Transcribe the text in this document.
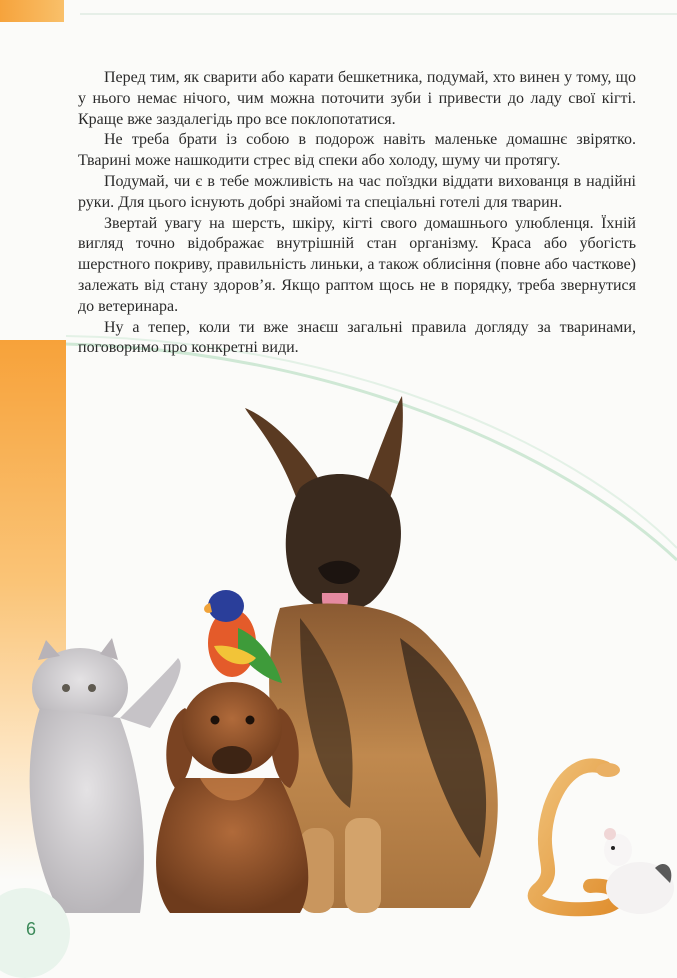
Перед тим, як сварити або карати бешкетника, подумай, хто винен у тому, що у нього немає нічого, чим можна поточити зуби і привести до ладу свої кігті. Краще вже заздалегідь про все поклопотатися.

Не треба брати із собою в подорож навіть маленьке домашнє звірятко. Тварині може нашкодити стрес від спеки або холоду, шуму чи протягу.

Подумай, чи є в тебе можливість на час поїздки віддати вихованця в надійні руки. Для цього існують добрі знайомі та спеціальні готелі для тварин.

Звертай увагу на шерсть, шкіру, кігті свого домашнього улюбленця. Їхній вигляд точно відображає внутрішній стан організму. Краса або убогість шерстного покриву, правильність линьки, а також облисіння (повне або часткове) залежать від стану здоров’я. Якщо раптом щось не в порядку, треба звернутися до ветеринара.

Ну а тепер, коли ти вже знаєш загальні правила догляду за тваринами, поговоримо про конкретні види.

6
